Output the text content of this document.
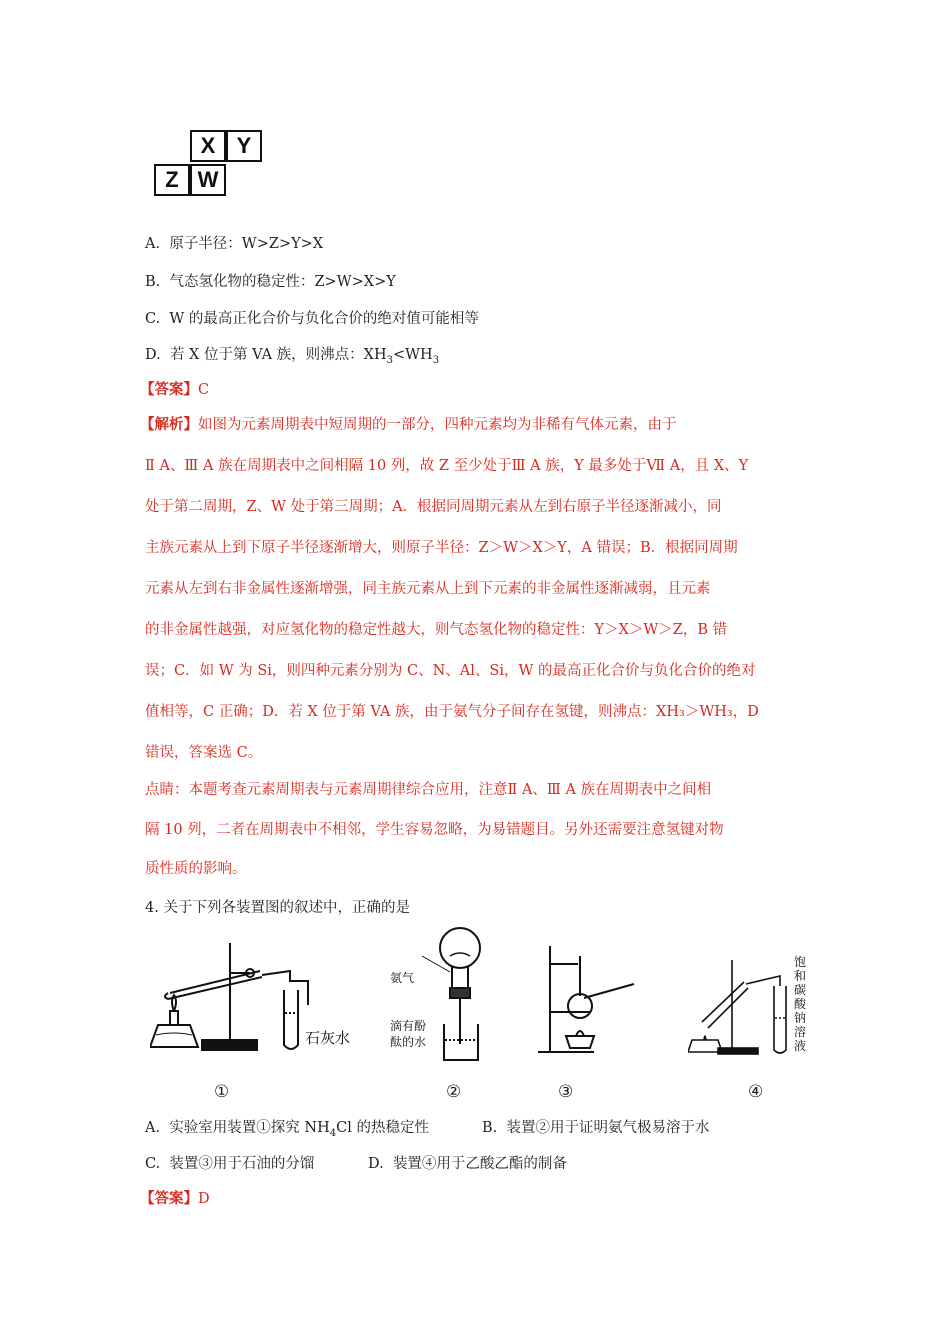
X Y
Z W
A. 原子半径：W>Z>Y>X
B. 气态氢化物的稳定性：Z>W>X>Y
C. W 的最高正化合价与负化合价的绝对值可能相等
D. 若 X 位于第 VA 族，则沸点：$XH_3<WH_3$
【答案】C
【解析】如图为元素周期表中短周期的一部分，四种元素均为非稀有气体元素，由于
Ⅱ A、Ⅲ A 族在周期表中之间相隔 10 列，故 Z 至少处于Ⅲ A 族，Y 最多处于Ⅶ A，且 X、Y
处于第二周期，Z、W 处于第三周期；A．根据同周期元素从左到右原子半径逐渐减小，同
主族元素从上到下原子半径逐渐增大，则原子半径：Z＞W＞X＞Y，A 错误；B．根据同周期
元素从左到右非金属性逐渐增强，同主族元素从上到下元素的非金属性逐渐减弱，且元素
的非金属性越强，对应氢化物的稳定性越大，则气态氢化物的稳定性：Y＞X＞W＞Z，B 错
误；C．如 W 为 Si，则四种元素分别为 C、N、Al、Si，W 的最高正化合价与负化合价的绝对
值相等，C 正确；D．若 X 位于第 VA 族，由于氨气分子间存在氢键，则沸点：XH₃＞WH₃，D
错误，答案选 C。
点睛：本题考查元素周期表与元素周期律综合应用，注意Ⅱ A、Ⅲ A 族在周期表中之间相
隔 10 列，二者在周期表中不相邻，学生容易忽略，为易错题目。另外还需要注意氢键对物
质性质的影响。
4. 关于下列各装置图的叙述中，正确的是
石灰水
氨气
滴有酚
酞的水
饱
和
碳
酸
钠
溶
液
①	②	③	④
A. 实验室用装置①探究 $NH_4Cl$ 的热稳定性	B. 装置②用于证明氨气极易溶于水
C. 装置③用于石油的分馏	D. 装置④用于乙酸乙酯的制备
【答案】D
